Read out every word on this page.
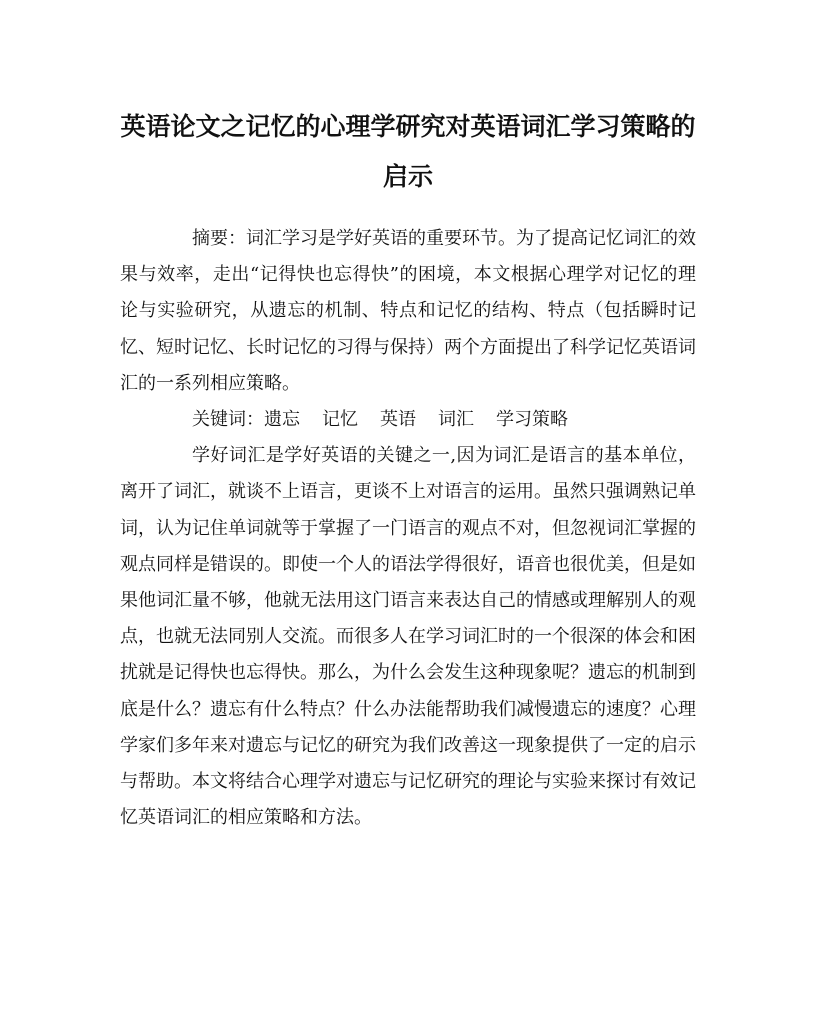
英语论文之记忆的心理学研究对英语词汇学习策略的启示

摘要：词汇学习是学好英语的重要环节。为了提高记忆词汇的效果与效率，走出“记得快也忘得快”的困境，本文根据心理学对记忆的理论与实验研究，从遗忘的机制、特点和记忆的结构、特点（包括瞬时记忆、短时记忆、长时记忆的习得与保持）两个方面提出了科学记忆英语词汇的一系列相应策略。

关键词：遗忘 记忆 英语 词汇 学习策略

学好词汇是学好英语的关键之一,因为词汇是语言的基本单位，离开了词汇，就谈不上语言，更谈不上对语言的运用。虽然只强调熟记单词，认为记住单词就等于掌握了一门语言的观点不对，但忽视词汇掌握的观点同样是错误的。即使一个人的语法学得很好，语音也很优美，但是如果他词汇量不够，他就无法用这门语言来表达自己的情感或理解别人的观点，也就无法同别人交流。而很多人在学习词汇时的一个很深的体会和困扰就是记得快也忘得快。那么，为什么会发生这种现象呢？遗忘的机制到底是什么？遗忘有什么特点？什么办法能帮助我们减慢遗忘的速度？心理学家们多年来对遗忘与记忆的研究为我们改善这一现象提供了一定的启示与帮助。本文将结合心理学对遗忘与记忆研究的理论与实验来探讨有效记忆英语词汇的相应策略和方法。
